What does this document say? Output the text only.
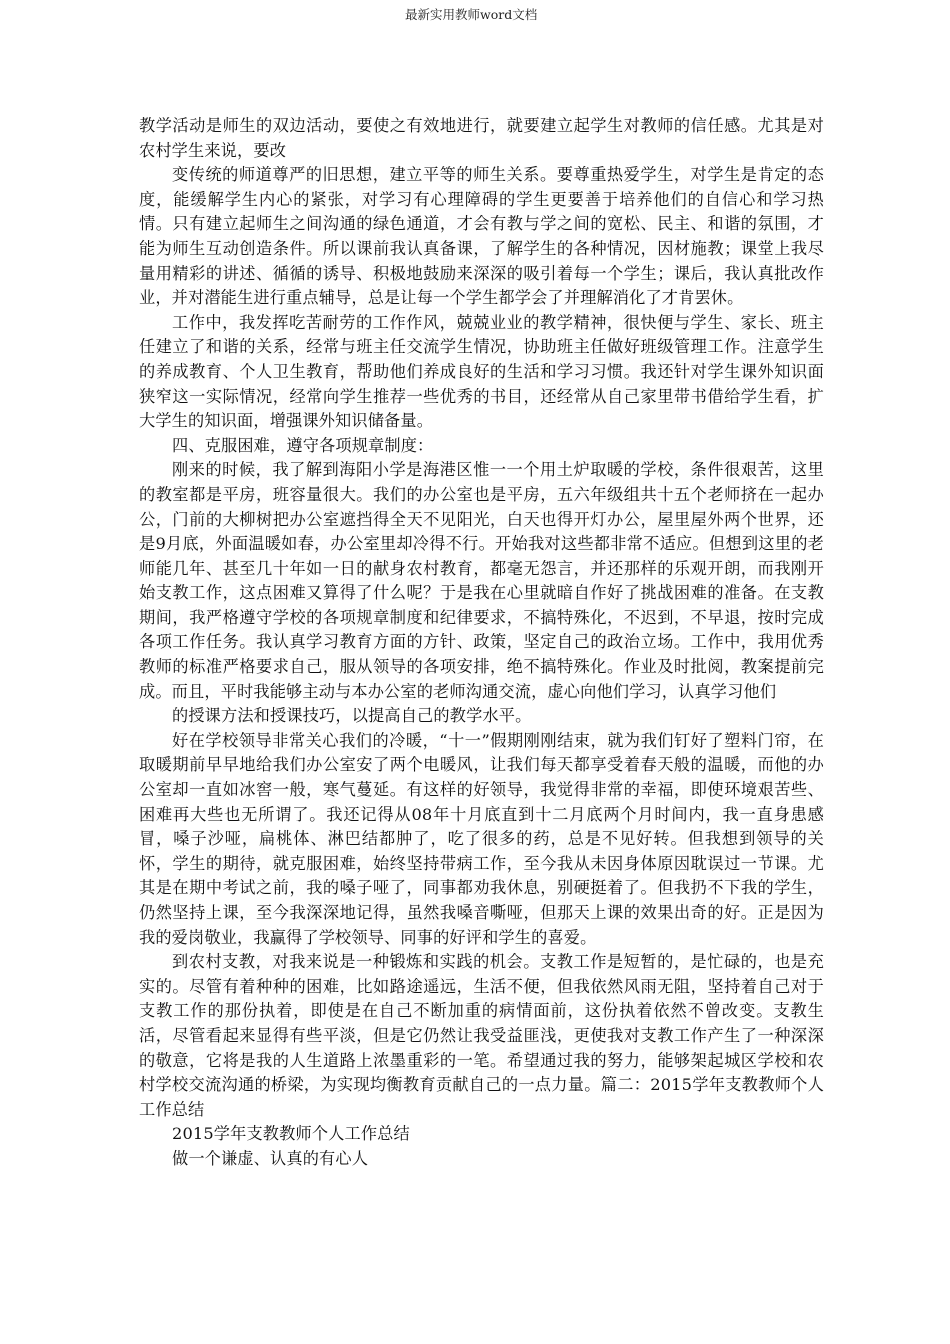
最新实用教师word文档

教学活动是师生的双边活动，要使之有效地进行，就要建立起学生对教师的信任感。尤其是对农村学生来说，要改

变传统的师道尊严的旧思想，建立平等的师生关系。要尊重热爱学生，对学生是肯定的态度，能缓解学生内心的紧张，对学习有心理障碍的学生更要善于培养他们的自信心和学习热情。只有建立起师生之间沟通的绿色通道，才会有教与学之间的宽松、民主、和谐的氛围，才能为师生互动创造条件。所以课前我认真备课，了解学生的各种情况，因材施教；课堂上我尽量用精彩的讲述、循循的诱导、积极地鼓励来深深的吸引着每一个学生；课后，我认真批改作业，并对潜能生进行重点辅导，总是让每一个学生都学会了并理解消化了才肯罢休。

工作中，我发挥吃苦耐劳的工作作风，兢兢业业的教学精神，很快便与学生、家长、班主任建立了和谐的关系，经常与班主任交流学生情况，协助班主任做好班级管理工作。注意学生的养成教育、个人卫生教育，帮助他们养成良好的生活和学习习惯。我还针对学生课外知识面狭窄这一实际情况，经常向学生推荐一些优秀的书目，还经常从自己家里带书借给学生看，扩大学生的知识面，增强课外知识储备量。

四、克服困难，遵守各项规章制度：

刚来的时候，我了解到海阳小学是海港区惟一一个用土炉取暖的学校，条件很艰苦，这里的教室都是平房，班容量很大。我们的办公室也是平房，五六年级组共十五个老师挤在一起办公，门前的大柳树把办公室遮挡得全天不见阳光，白天也得开灯办公，屋里屋外两个世界，还是9月底，外面温暖如春，办公室里却冷得不行。开始我对这些都非常不适应。但想到这里的老师能几年、甚至几十年如一日的献身农村教育，都毫无怨言，并还那样的乐观开朗，而我刚开始支教工作，这点困难又算得了什么呢？于是我在心里就暗自作好了挑战困难的准备。在支教期间，我严格遵守学校的各项规章制度和纪律要求，不搞特殊化，不迟到，不早退，按时完成各项工作任务。我认真学习教育方面的方针、政策，坚定自己的政治立场。工作中，我用优秀教师的标准严格要求自己，服从领导的各项安排，绝不搞特殊化。作业及时批阅，教案提前完成。而且，平时我能够主动与本办公室的老师沟通交流，虚心向他们学习，认真学习他们

的授课方法和授课技巧，以提高自己的教学水平。

好在学校领导非常关心我们的冷暖，“十一”假期刚刚结束，就为我们钉好了塑料门帘，在取暖期前早早地给我们办公室安了两个电暖风，让我们每天都享受着春天般的温暖，而他的办公室却一直如冰窖一般，寒气蔓延。有这样的好领导，我觉得非常的幸福，即使环境艰苦些、困难再大些也无所谓了。我还记得从08年十月底直到十二月底两个月时间内，我一直身患感冒，嗓子沙哑，扁桃体、淋巴结都肿了，吃了很多的药，总是不见好转。但我想到领导的关怀，学生的期待，就克服困难，始终坚持带病工作，至今我从未因身体原因耽误过一节课。尤其是在期中考试之前，我的嗓子哑了，同事都劝我休息，别硬挺着了。但我扔不下我的学生，仍然坚持上课，至今我深深地记得，虽然我嗓音嘶哑，但那天上课的效果出奇的好。正是因为我的爱岗敬业，我赢得了学校领导、同事的好评和学生的喜爱。

到农村支教，对我来说是一种锻炼和实践的机会。支教工作是短暂的，是忙碌的，也是充实的。尽管有着种种的困难，比如路途遥远，生活不便，但我依然风雨无阻，坚持着自己对于支教工作的那份执着，即使是在自己不断加重的病情面前，这份执着依然不曾改变。支教生活，尽管看起来显得有些平淡，但是它仍然让我受益匪浅，更使我对支教工作产生了一种深深的敬意，它将是我的人生道路上浓墨重彩的一笔。希望通过我的努力，能够架起城区学校和农村学校交流沟通的桥梁，为实现均衡教育贡献自己的一点力量。篇二：2015学年支教教师个人工作总结

2015学年支教教师个人工作总结

做一个谦虚、认真的有心人
